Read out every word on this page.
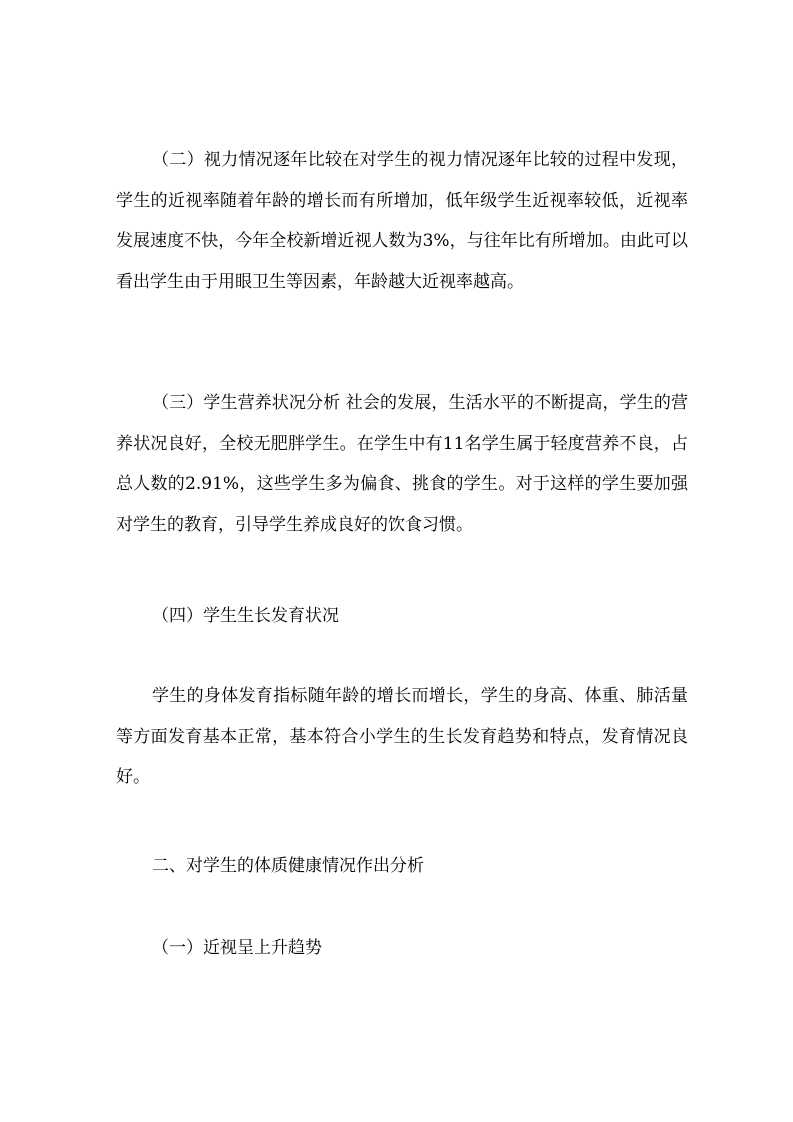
（二）视力情况逐年比较在对学生的视力情况逐年比较的过程中发现，学生的近视率随着年龄的增长而有所增加，低年级学生近视率较低，近视率发展速度不快，今年全校新增近视人数为3%，与往年比有所增加。由此可以看出学生由于用眼卫生等因素，年龄越大近视率越高。

（三）学生营养状况分析 社会的发展，生活水平的不断提高，学生的营养状况良好，全校无肥胖学生。在学生中有11名学生属于轻度营养不良，占总人数的2.91%，这些学生多为偏食、挑食的学生。对于这样的学生要加强对学生的教育，引导学生养成良好的饮食习惯。

（四）学生生长发育状况

学生的身体发育指标随年龄的增长而增长，学生的身高、体重、肺活量等方面发育基本正常，基本符合小学生的生长发育趋势和特点，发育情况良好。

二、对学生的体质健康情况作出分析

（一）近视呈上升趋势
